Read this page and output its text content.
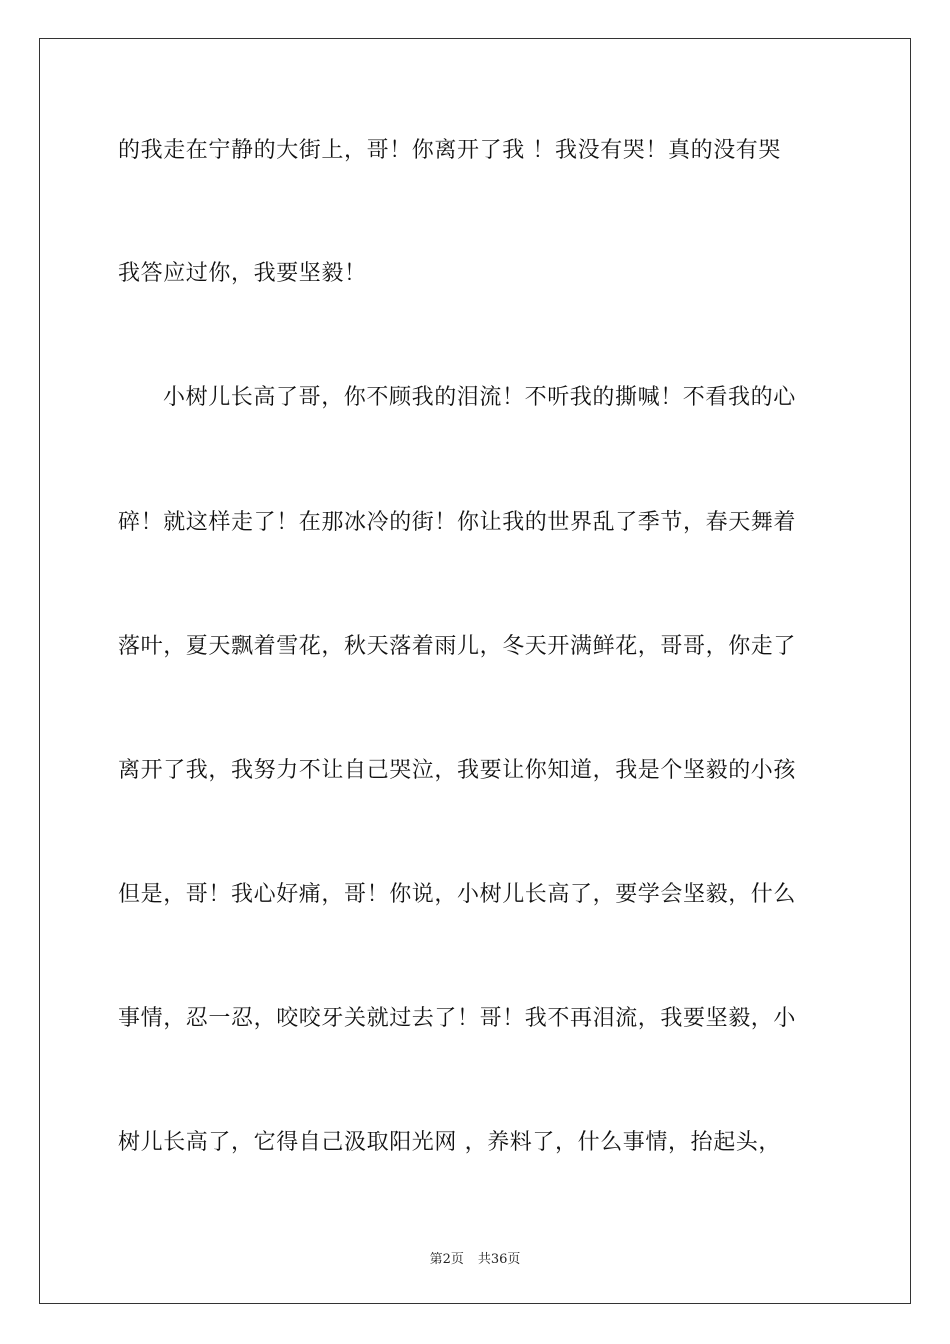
的我走在宁静的大街上，哥！你离开了我 ！我没有哭！真的没有哭
我答应过你，我要坚毅！
小树儿长高了哥，你不顾我的泪流！不听我的撕喊！不看我的心
碎！就这样走了！在那冰冷的街！你让我的世界乱了季节，春天舞着
落叶，夏天飘着雪花，秋天落着雨儿，冬天开满鲜花，哥哥，你走了
离开了我，我努力不让自己哭泣，我要让你知道，我是个坚毅的小孩
但是，哥！我心好痛，哥！你说，小树儿长高了，要学会坚毅，什么
事情，忍一忍，咬咬牙关就过去了！哥！我不再泪流，我要坚毅，小
树儿长高了，它得自己汲取阳光网 ，养料了，什么事情，抬起头，
第2页 共36页
